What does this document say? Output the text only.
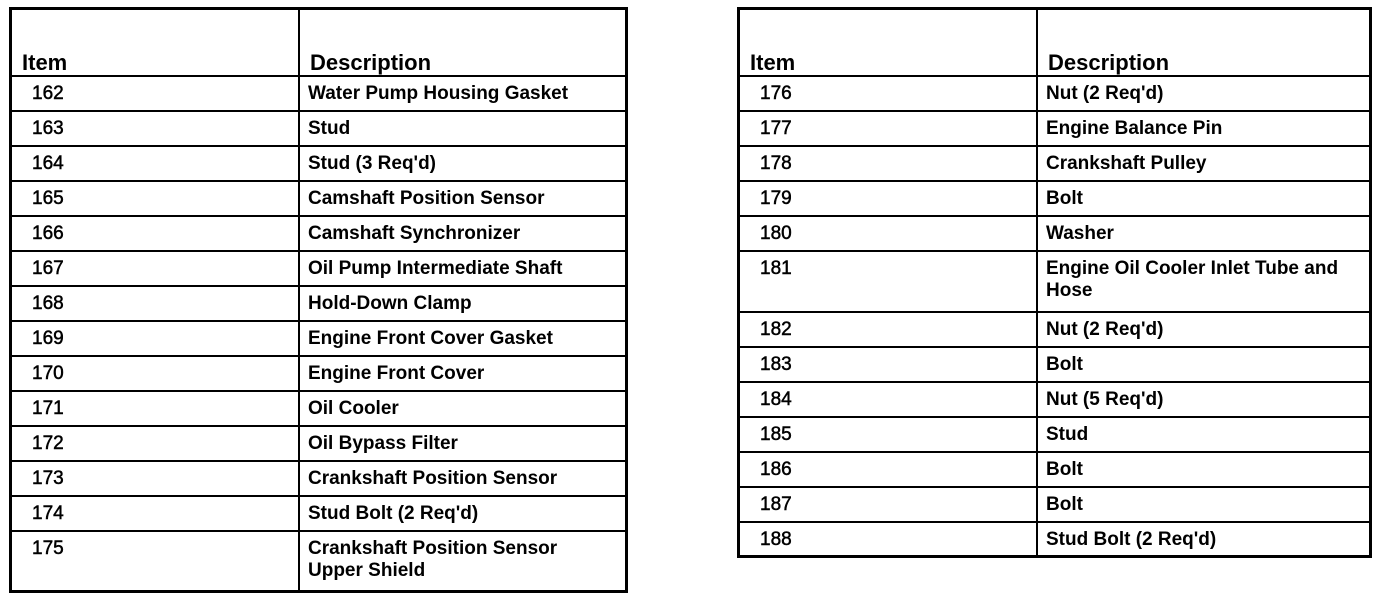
Item	Description
162	Water Pump Housing Gasket
163	Stud
164	Stud (3 Req'd)
165	Camshaft Position Sensor
166	Camshaft Synchronizer
167	Oil Pump Intermediate Shaft
168	Hold-Down Clamp
169	Engine Front Cover Gasket
170	Engine Front Cover
171	Oil Cooler
172	Oil Bypass Filter
173	Crankshaft Position Sensor
174	Stud Bolt (2 Req'd)
175	Crankshaft Position Sensor Upper Shield
Item	Description
176	Nut (2 Req'd)
177	Engine Balance Pin
178	Crankshaft Pulley
179	Bolt
180	Washer
181	Engine Oil Cooler Inlet Tube and Hose
182	Nut (2 Req'd)
183	Bolt
184	Nut (5 Req'd)
185	Stud
186	Bolt
187	Bolt
188	Stud Bolt (2 Req'd)
